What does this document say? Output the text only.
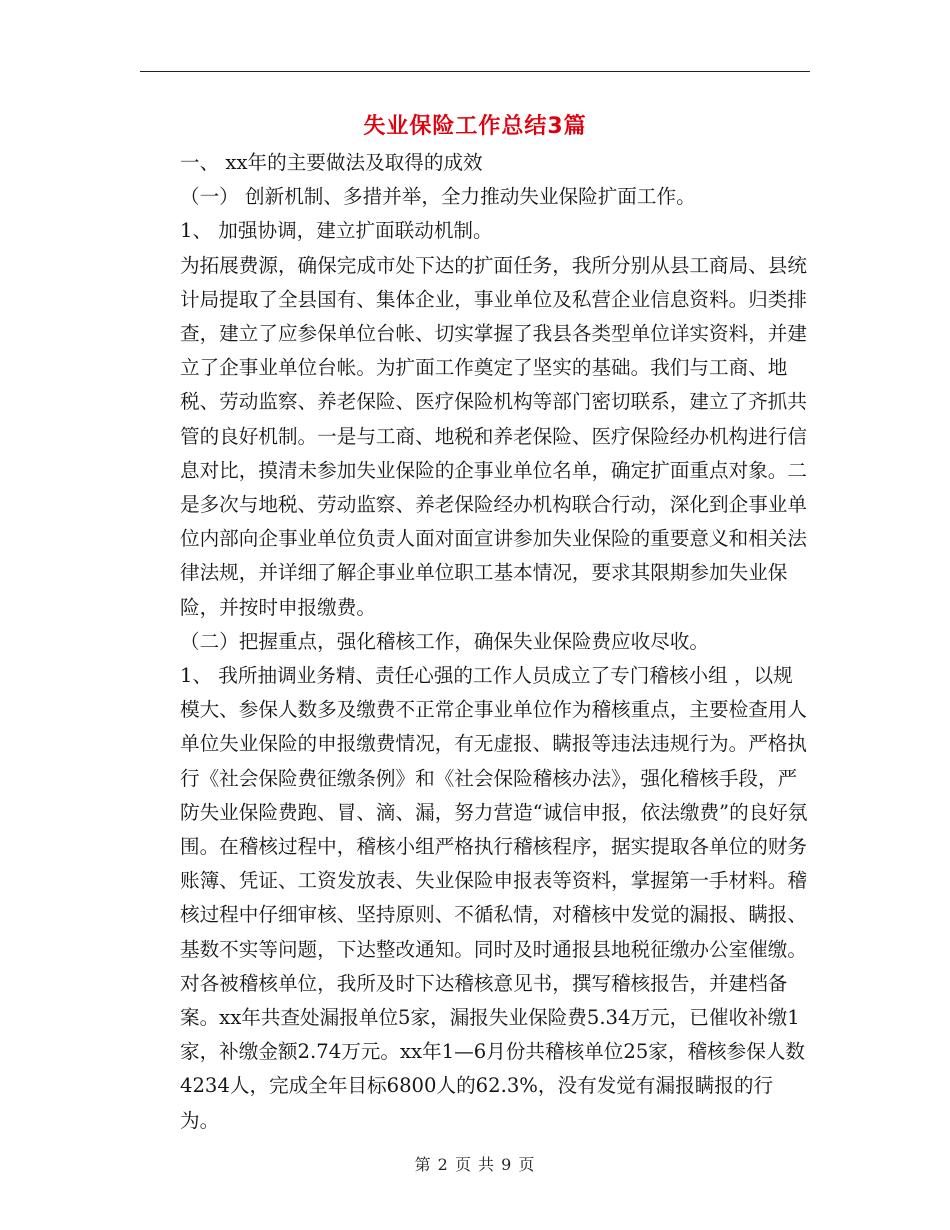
失业保险工作总结3篇

一、 xx年的主要做法及取得的成效

（一） 创新机制、多措并举，全力推动失业保险扩面工作。

1、 加强协调，建立扩面联动机制。

为拓展费源，确保完成市处下达的扩面任务，我所分别从县工商局、县统计局提取了全县国有、集体企业，事业单位及私营企业信息资料。归类排查，建立了应参保单位台帐、切实掌握了我县各类型单位详实资料，并建立了企事业单位台帐。为扩面工作奠定了坚实的基础。我们与工商、地税、劳动监察、养老保险、医疗保险机构等部门密切联系，建立了齐抓共管的良好机制。一是与工商、地税和养老保险、医疗保险经办机构进行信息对比，摸清未参加失业保险的企事业单位名单，确定扩面重点对象。二是多次与地税、劳动监察、养老保险经办机构联合行动，深化到企事业单位内部向企事业单位负责人面对面宣讲参加失业保险的重要意义和相关法律法规，并详细了解企事业单位职工基本情况，要求其限期参加失业保险，并按时申报缴费。

（二）把握重点，强化稽核工作，确保失业保险费应收尽收。

1、 我所抽调业务精、责任心强的工作人员成立了专门稽核小组 ，以规模大、参保人数多及缴费不正常企事业单位作为稽核重点，主要检查用人单位失业保险的申报缴费情况，有无虚报、瞒报等违法违规行为。严格执行《社会保险费征缴条例》和《社会保险稽核办法》，强化稽核手段，严防失业保险费跑、冒、滴、漏，努力营造“诚信申报，依法缴费”的良好氛围。在稽核过程中，稽核小组严格执行稽核程序，据实提取各单位的财务账簿、凭证、工资发放表、失业保险申报表等资料，掌握第一手材料。稽核过程中仔细审核、坚持原则、不循私情，对稽核中发觉的漏报、瞒报、基数不实等问题，下达整改通知。同时及时通报县地税征缴办公室催缴。对各被稽核单位，我所及时下达稽核意见书，撰写稽核报告，并建档备案。xx年共查处漏报单位5家，漏报失业保险费5.34万元，已催收补缴1家，补缴金额2.74万元。xx年1—6月份共稽核单位25家，稽核参保人数4234人，完成全年目标6800人的62.3%，没有发觉有漏报瞒报的行为。

第 2 页 共 9 页
